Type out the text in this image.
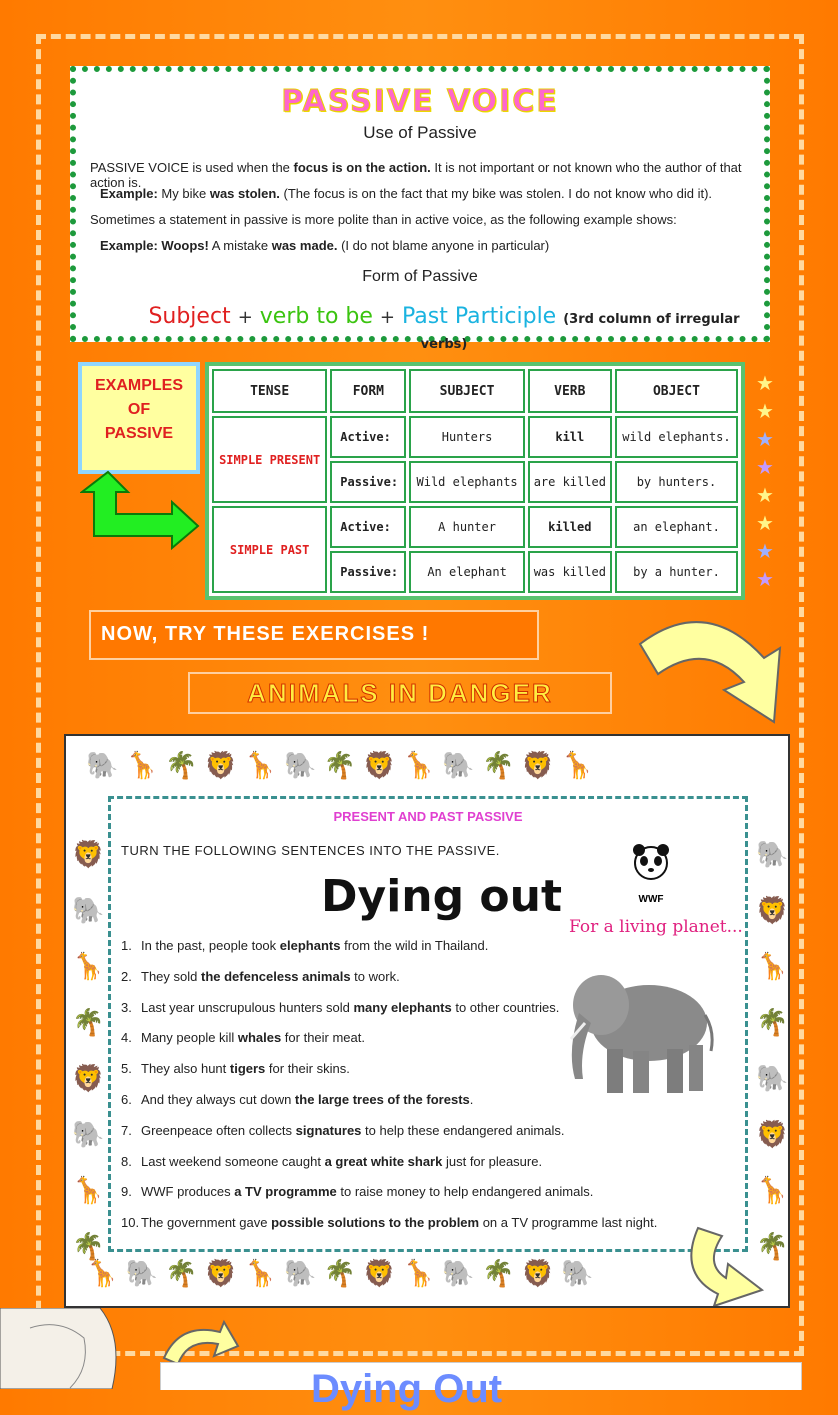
PASSIVE VOICE
Use of Passive

PASSIVE VOICE is used when the focus is on the action. It is not important or not known who the author of that action is.

Example: My bike was stolen. (The focus is on the fact that my bike was stolen. I do not know who did it).

Sometimes a statement in passive is more polite than in active voice, as the following example shows:

Example: Woops! A mistake was made. (I do not blame anyone in particular)

Form of Passive
Subject + verb to be + Past Participle (3rd column of irregular verbs)
EXAMPLES
OF
PASSIVE
TENSE	FORM	SUBJECT	VERB	OBJECT
SIMPLE PRESENT	Active:	Hunters	kill	wild elephants.
	Passive:	Wild elephants	are killed	by hunters.
SIMPLE PAST	Active:	A hunter	killed	an elephant.
	Passive:	An elephant	was killed	by a hunter.
★
★
★
★
★
★
★
★
NOW, TRY THESE EXERCISES !
ANIMALS IN DANGER
🐘 🦒 🌴 🦁 🦒 🐘 🌴 🦁 🦒 🐘 🌴 🦁 🦒
🦒 🐘 🌴 🦁 🦒 🐘 🌴 🦁 🦒 🐘 🌴 🦁 🐘
🦁 🐘 🦒 🌴 🦁 🐘 🦒 🌴
🐘 🦁 🦒 🌴 🐘 🦁 🦒 🌴
PRESENT AND PAST PASSIVE
TURN THE FOLLOWING SENTENCES INTO THE PASSIVE.
Dying out	WWF
For a living planet...
1. In the past, people took elephants from the wild in Thailand.
2. They sold the defenceless animals to work.
3. Last year unscrupulous hunters sold many elephants to other countries.
4. Many people kill whales for their meat.
5. They also hunt tigers for their skins.
6. And they always cut down the large trees of the forests.
7. Greenpeace often collects signatures to help these endangered animals.
8. Last weekend someone caught a great white shark just for pleasure.
9. WWF produces a TV programme to raise money to help endangered animals.
10. The government gave possible solutions to the problem on a TV programme last night.
Dying Out
